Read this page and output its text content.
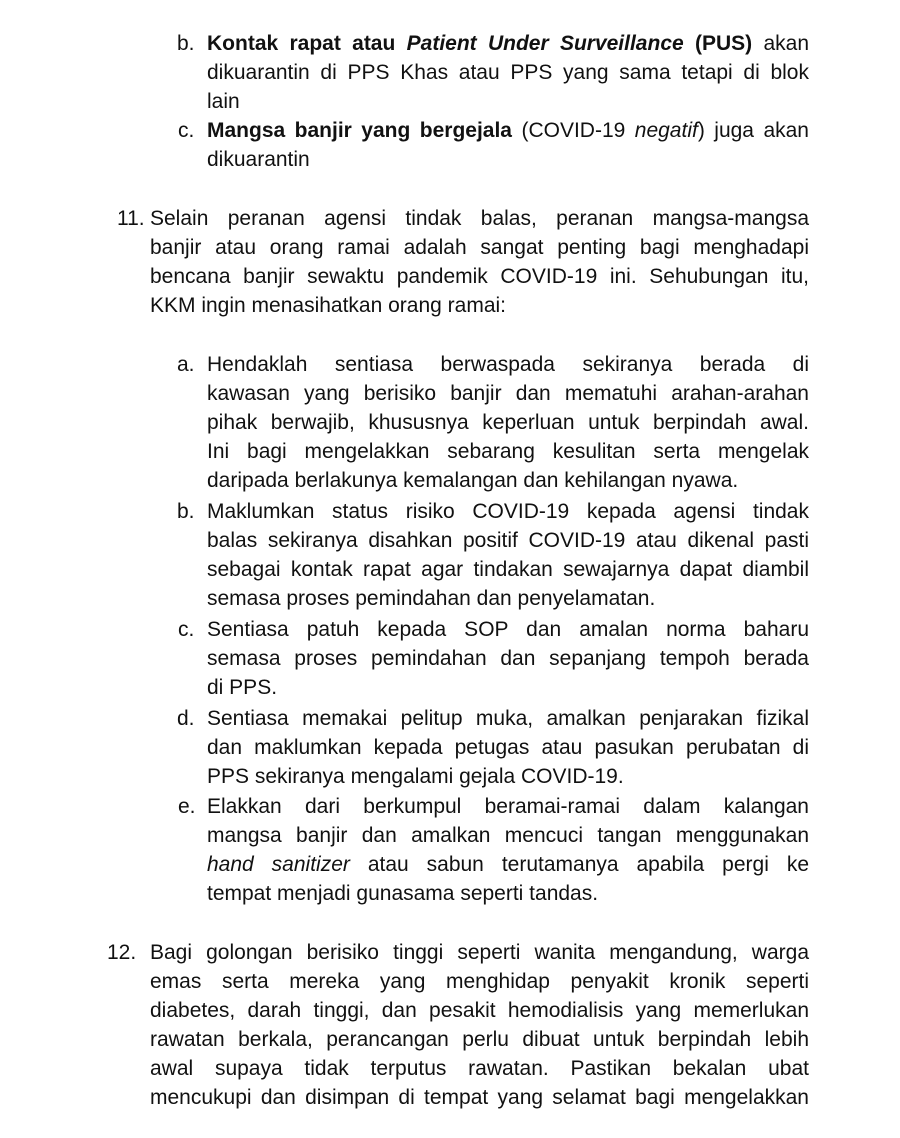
b. Kontak rapat atau Patient Under Surveillance (PUS) akan
dikuarantin di PPS Khas atau PPS yang sama tetapi di blok
lain
c. Mangsa banjir yang bergejala (COVID-19 negatif) juga akan
dikuarantin
11. Selain peranan agensi tindak balas, peranan mangsa-mangsa
banjir atau orang ramai adalah sangat penting bagi menghadapi
bencana banjir sewaktu pandemik COVID-19 ini. Sehubungan itu,
KKM ingin menasihatkan orang ramai:
a. Hendaklah sentiasa berwaspada sekiranya berada di
kawasan yang berisiko banjir dan mematuhi arahan-arahan
pihak berwajib, khususnya keperluan untuk berpindah awal.
Ini bagi mengelakkan sebarang kesulitan serta mengelak
daripada berlakunya kemalangan dan kehilangan nyawa.
b. Maklumkan status risiko COVID-19 kepada agensi tindak
balas sekiranya disahkan positif COVID-19 atau dikenal pasti
sebagai kontak rapat agar tindakan sewajarnya dapat diambil
semasa proses pemindahan dan penyelamatan.
c. Sentiasa patuh kepada SOP dan amalan norma baharu
semasa proses pemindahan dan sepanjang tempoh berada
di PPS.
d. Sentiasa memakai pelitup muka, amalkan penjarakan fizikal
dan maklumkan kepada petugas atau pasukan perubatan di
PPS sekiranya mengalami gejala COVID-19.
e. Elakkan dari berkumpul beramai-ramai dalam kalangan
mangsa banjir dan amalkan mencuci tangan menggunakan
hand sanitizer atau sabun terutamanya apabila pergi ke
tempat menjadi gunasama seperti tandas.
12. Bagi golongan berisiko tinggi seperti wanita mengandung, warga
emas serta mereka yang menghidap penyakit kronik seperti
diabetes, darah tinggi, dan pesakit hemodialisis yang memerlukan
rawatan berkala, perancangan perlu dibuat untuk berpindah lebih
awal supaya tidak terputus rawatan. Pastikan bekalan ubat
mencukupi dan disimpan di tempat yang selamat bagi mengelakkan
